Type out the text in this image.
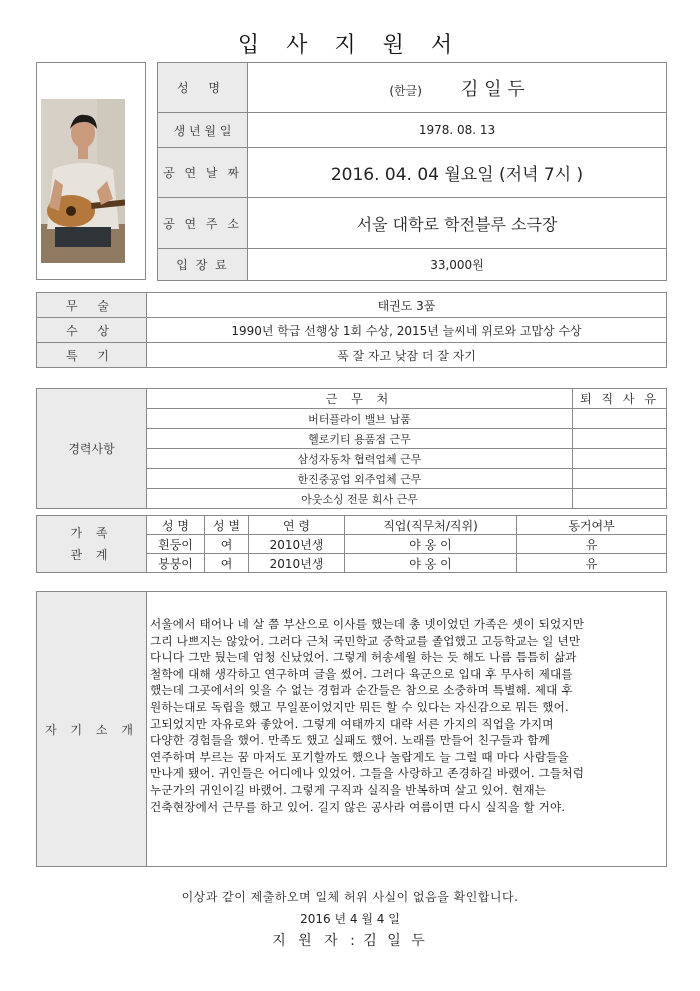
입 사 지 원 서
성 명	(한글) 김 일 두
생 년 월 일	1978. 08. 13
공 연 날 짜	2016. 04. 04 월요일 (저녁 7시 )
공 연 주 소	서울 대학로 학전블루 소극장
입 장 료	33,000원
무 술	태권도 3품
수 상	1990년 학급 선행상 1회 수상, 2015년 늘씨네 위로와 고맙상 수상
특 기	푹 잘 자고 낮잠 더 잘 자기
경력사항	근 무 처	퇴 직 사 유
	버터플라이 밸브 납품	
	헬로키티 용품점 근무	
	삼성자동차 협력업체 근무	
	한진중공업 외주업체 근무	
	아웃소싱 전문 회사 근무	
가 족
관 계	성 명	성 별	연 령	직업(직무처/직위)	동거여부
	흰둥이	여	2010년생	야 옹 이	유
	붕붕이	여	2010년생	야 옹 이	유
자 기 소 개	
서울에서 태어나 네 살 쯤 부산으로 이사를 했는데 총 넷이었던 가족은 셋이 되었지만
그리 나쁘지는 않았어. 그러다 근처 국민학교 중학교를 졸업했고 고등학교는 일 년만
다니다 그만 뒀는데 엄청 신났었어. 그렇게 허송세월 하는 듯 해도 나름 틈틈히 삶과
철학에 대해 생각하고 연구하며 글을 썼어. 그러다 육군으로 입대 후 무사히 제대를
했는데 그곳에서의 잊을 수 없는 경험과 순간들은 참으로 소중하며 특별해. 제대 후
원하는대로 독립을 했고 무일푼이었지만 뭐든 할 수 있다는 자신감으로 뭐든 했어.
고되었지만 자유로와 좋았어. 그렇게 여태까지 대략 서른 가지의 직업을 가지며
다양한 경험들을 했어. 만족도 했고 실패도 했어. 노래를 만들어 친구들과 함께
연주하며 부르는 꿈 마저도 포기할까도 했으나 놀랍게도 늘 그럴 때 마다 사람들을
만나게 됐어. 귀인들은 어디에나 있었어. 그들을 사랑하고 존경하길 바랬어. 그들처럼
누군가의 귀인이길 바랬어. 그렇게 구직과 실직을 반복하며 살고 있어. 현재는
건축현장에서 근무를 하고 있어. 길지 않은 공사라 여름이면 다시 실직을 할 거야.
이상과 같이 제출하오며 일체 허위 사실이 없음을 확인합니다.
2016 년 4 월 4 일
지 원 자 : 김 일 두
